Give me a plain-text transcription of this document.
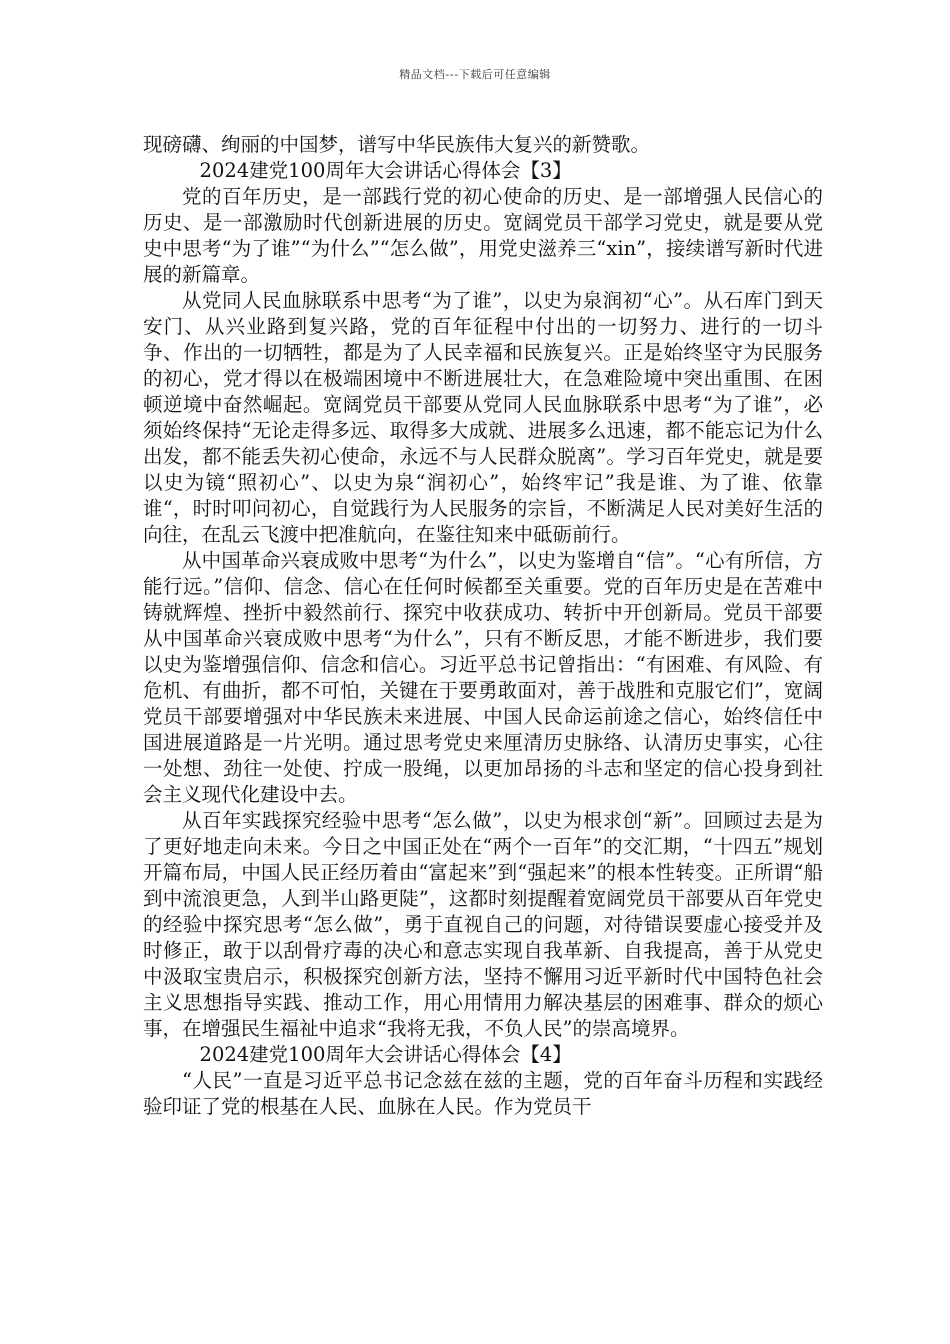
精品文档---下载后可任意编辑

现磅礴、绚丽的中国梦，谱写中华民族伟大复兴的新赞歌。

2024建党100周年大会讲话心得体会【3】

党的百年历史，是一部践行党的初心使命的历史、是一部增强人民信心的历史、是一部激励时代创新进展的历史。宽阔党员干部学习党史，就是要从党史中思考“为了谁”“为什么”“怎么做”，用党史滋养三“xin”，接续谱写新时代进展的新篇章。

从党同人民血脉联系中思考“为了谁”，以史为泉润初“心”。从石库门到天安门、从兴业路到复兴路，党的百年征程中付出的一切努力、进行的一切斗争、作出的一切牺牲，都是为了人民幸福和民族复兴。正是始终坚守为民服务的初心，党才得以在极端困境中不断进展壮大，在急难险境中突出重围、在困顿逆境中奋然崛起。宽阔党员干部要从党同人民血脉联系中思考“为了谁”，必须始终保持“无论走得多远、取得多大成就、进展多么迅速，都不能忘记为什么出发，都不能丢失初心使命，永远不与人民群众脱离”。学习百年党史，就是要以史为镜“照初心”、以史为泉“润初心”，始终牢记”我是谁、为了谁、依靠谁“，时时叩问初心，自觉践行为人民服务的宗旨，不断满足人民对美好生活的向往，在乱云飞渡中把准航向，在鉴往知来中砥砺前行。

从中国革命兴衰成败中思考“为什么”，以史为鉴增自“信”。“心有所信，方能行远。”信仰、信念、信心在任何时候都至关重要。党的百年历史是在苦难中铸就辉煌、挫折中毅然前行、探究中收获成功、转折中开创新局。党员干部要从中国革命兴衰成败中思考“为什么”，只有不断反思，才能不断进步，我们要以史为鉴增强信仰、信念和信心。习近平总书记曾指出：“有困难、有风险、有危机、有曲折，都不可怕，关键在于要勇敢面对，善于战胜和克服它们”，宽阔党员干部要增强对中华民族未来进展、中国人民命运前途之信心，始终信任中国进展道路是一片光明。通过思考党史来厘清历史脉络、认清历史事实，心往一处想、劲往一处使、拧成一股绳，以更加昂扬的斗志和坚定的信心投身到社会主义现代化建设中去。

从百年实践探究经验中思考“怎么做”，以史为根求创“新”。回顾过去是为了更好地走向未来。今日之中国正处在“两个一百年”的交汇期，“十四五”规划开篇布局，中国人民正经历着由“富起来”到“强起来”的根本性转变。正所谓“船到中流浪更急，人到半山路更陡”，这都时刻提醒着宽阔党员干部要从百年党史的经验中探究思考“怎么做”，勇于直视自己的问题，对待错误要虚心接受并及时修正，敢于以刮骨疗毒的决心和意志实现自我革新、自我提高，善于从党史中汲取宝贵启示，积极探究创新方法，坚持不懈用习近平新时代中国特色社会主义思想指导实践、推动工作，用心用情用力解决基层的困难事、群众的烦心事，在增强民生福祉中追求“我将无我，不负人民”的崇高境界。

2024建党100周年大会讲话心得体会【4】

“人民”一直是习近平总书记念兹在兹的主题，党的百年奋斗历程和实践经验印证了党的根基在人民、血脉在人民。作为党员干
